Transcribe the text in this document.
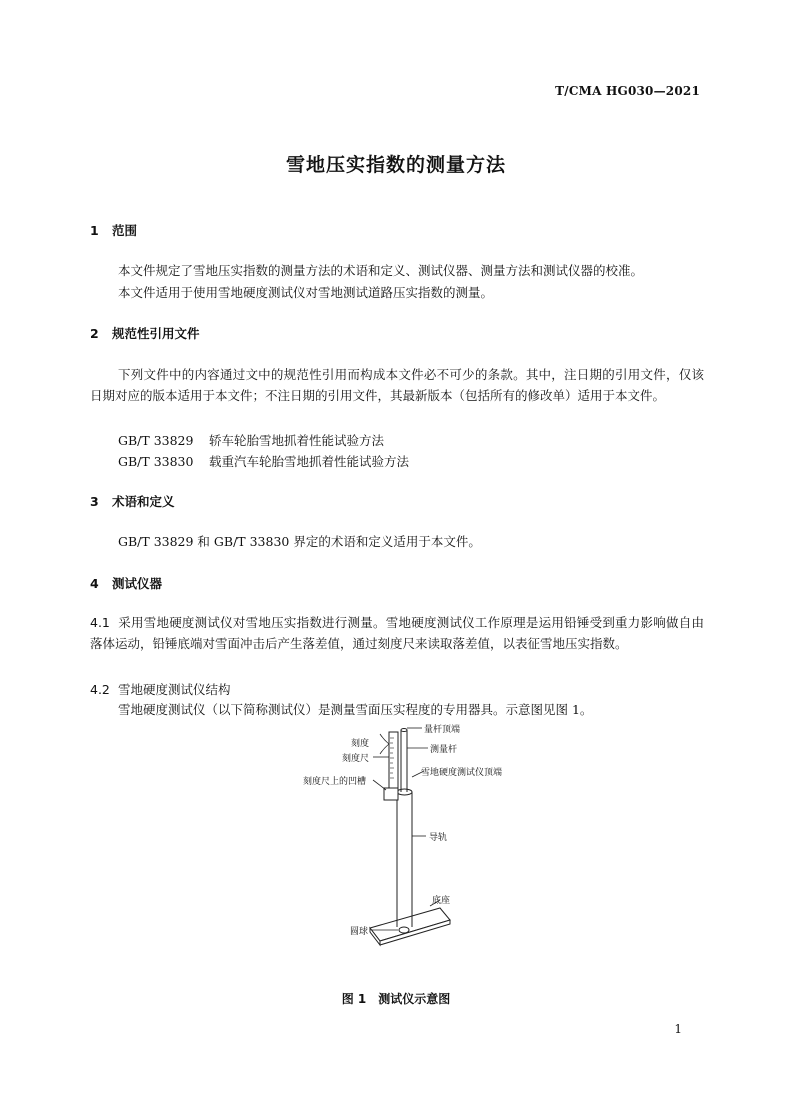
T/CMA HG030—2021
雪地压实指数的测量方法
1 范围
本文件规定了雪地压实指数的测量方法的术语和定义、测试仪器、测量方法和测试仪器的校准。
本文件适用于使用雪地硬度测试仪对雪地测试道路压实指数的测量。
2 规范性引用文件
下列文件中的内容通过文中的规范性引用而构成本文件必不可少的条款。其中，注日期的引用文件，仅该日期对应的版本适用于本文件；不注日期的引用文件，其最新版本（包括所有的修改单）适用于本文件。
GB/T 33829 轿车轮胎雪地抓着性能试验方法
GB/T 33830 载重汽车轮胎雪地抓着性能试验方法
3 术语和定义
GB/T 33829 和 GB/T 33830 界定的术语和定义适用于本文件。
4 测试仪器
4.1 采用雪地硬度测试仪对雪地压实指数进行测量。雪地硬度测试仪工作原理是运用铅锤受到重力影响做自由落体运动，铅锤底端对雪面冲击后产生落差值，通过刻度尺来读取落差值，以表征雪地压实指数。
4.2 雪地硬度测试仪结构
雪地硬度测试仪（以下简称测试仪）是测量雪面压实程度的专用器具。示意图见图 1。
量杆顶端
刻度
测量杆
刻度尺
雪地硬度测试仪顶端
刻度尺上的凹槽
导轨
底座
圆球
图 1　测试仪示意图
1
